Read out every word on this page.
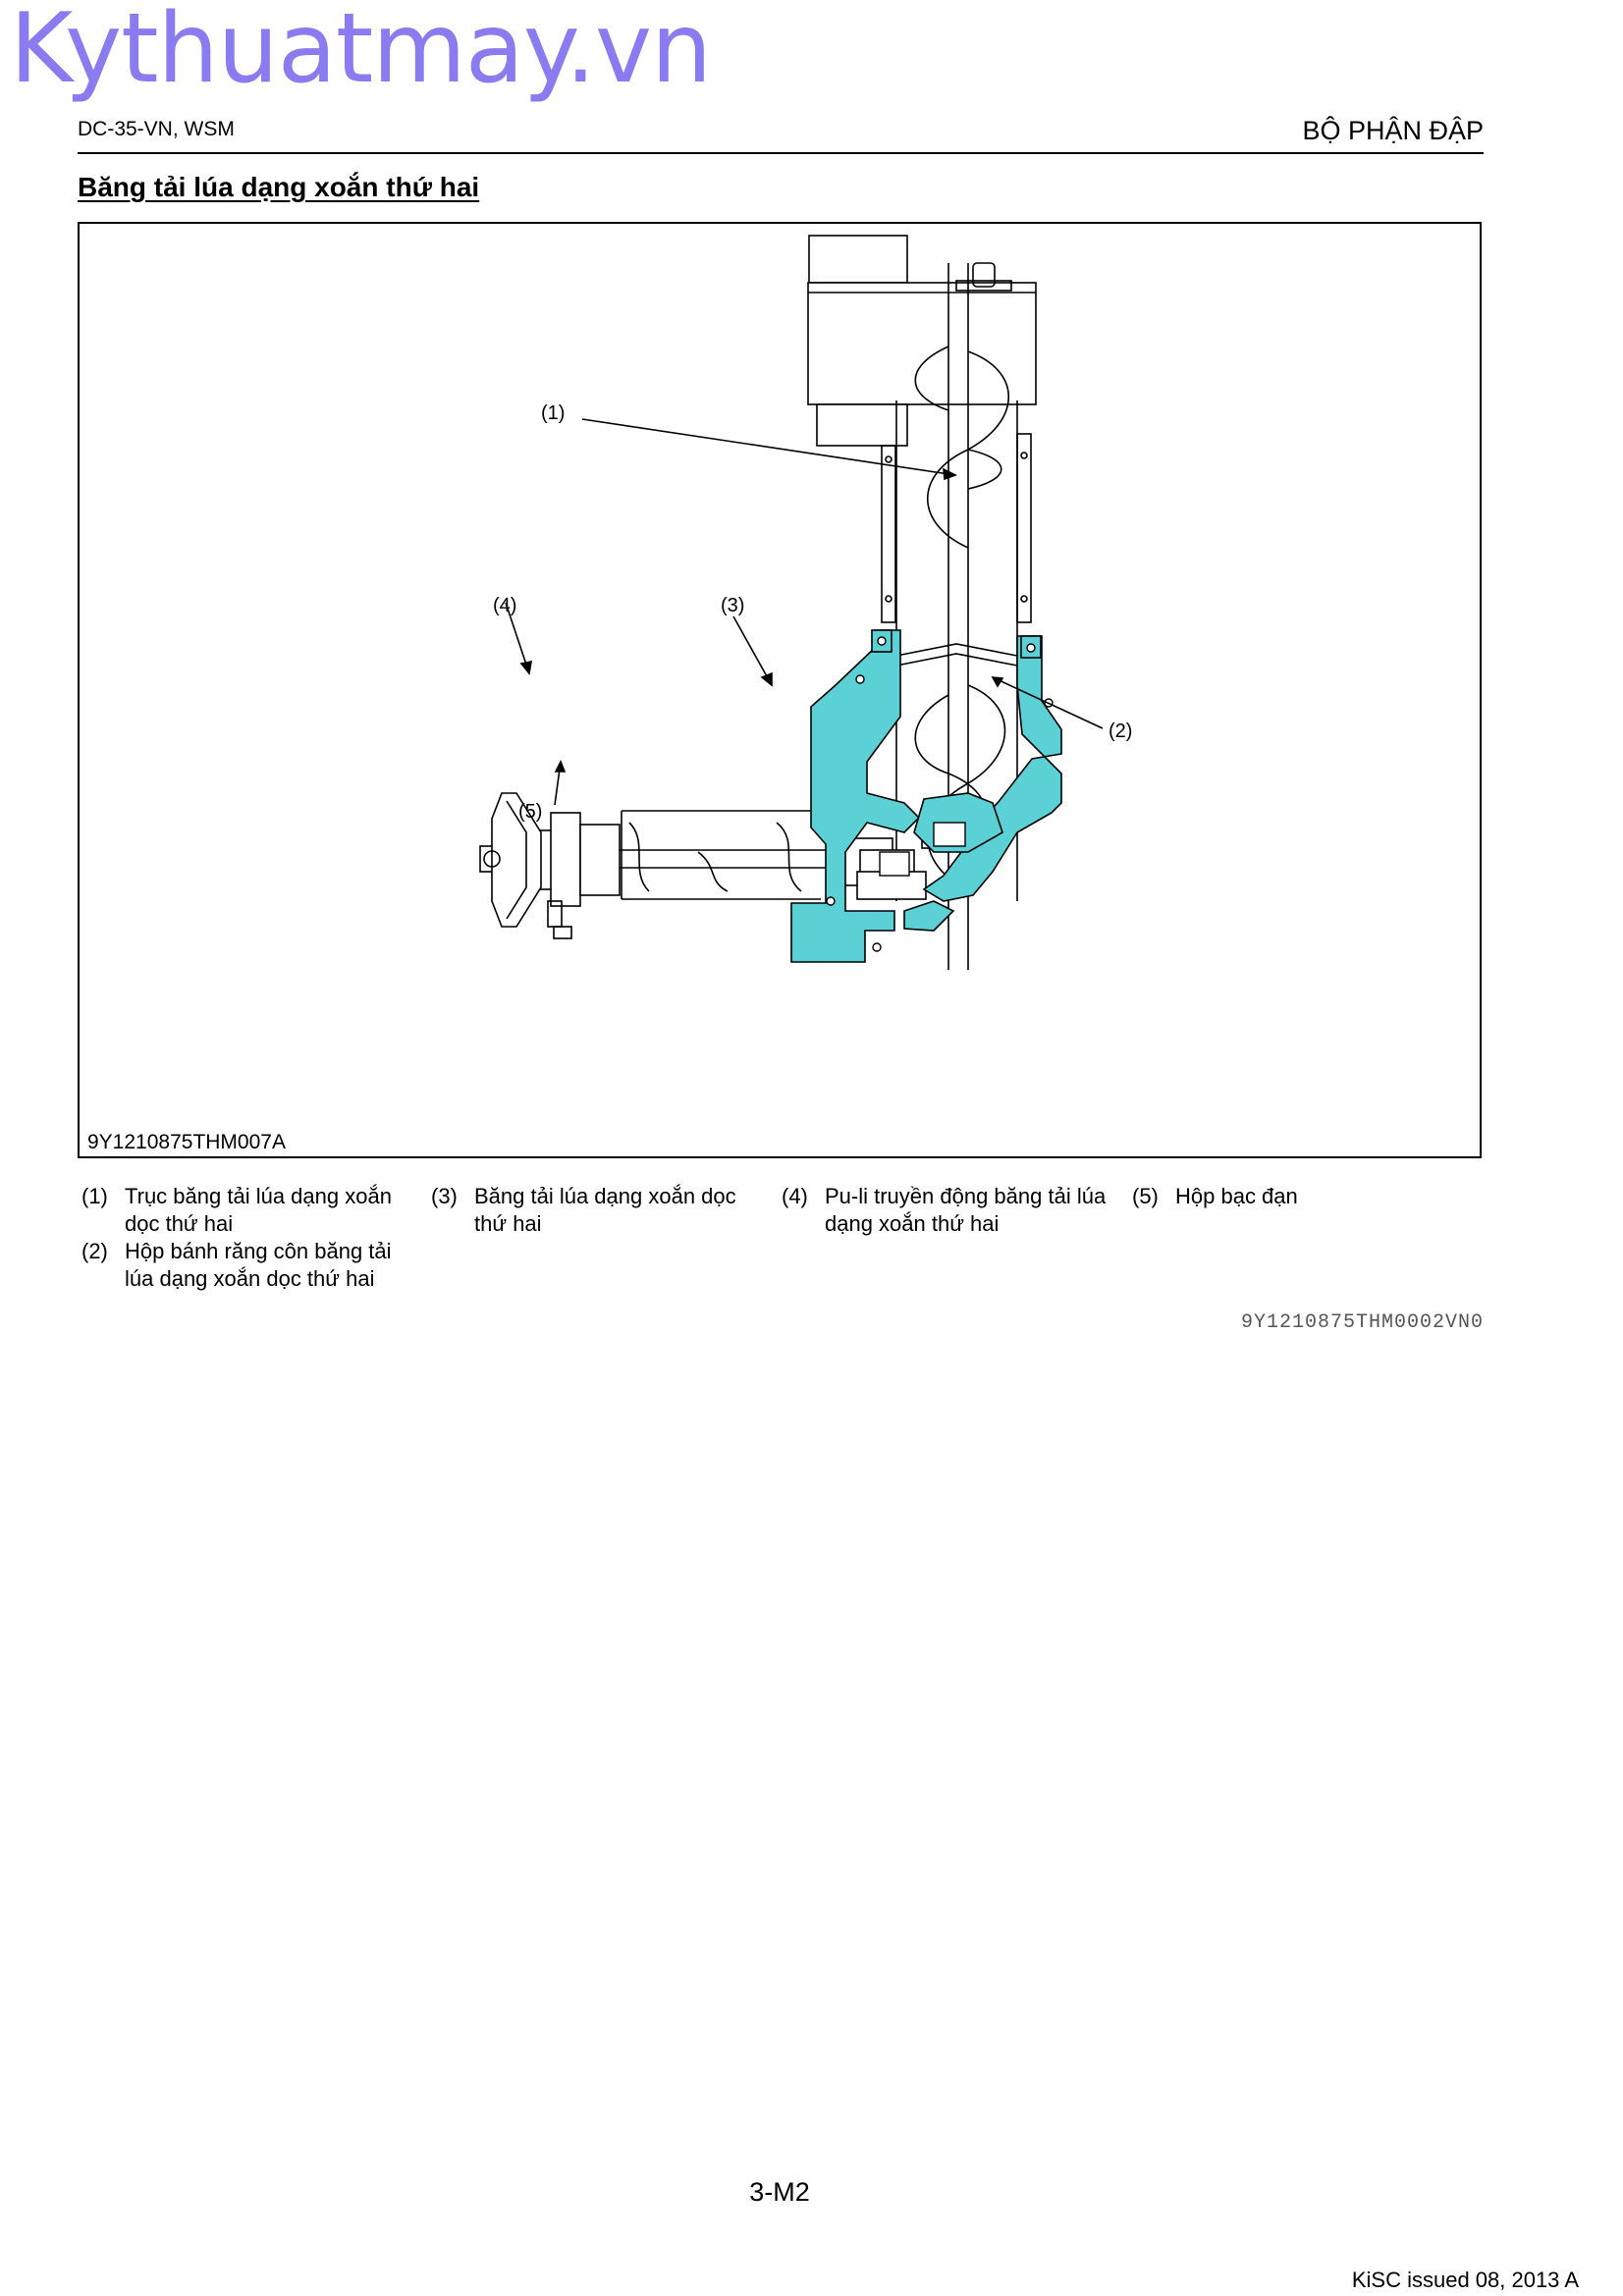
Kythuatmay.vn
DC-35-VN, WSM	BỘ PHẬN ĐẬP
Băng tải lúa dạng xoắn thứ hai
(1)
(2)
(3)
(4)
(5)
9Y1210875THM007A
(1) Trục băng tải lúa dạng xoắn dọc thứ hai
(2) Hộp bánh răng côn băng tải lúa dạng xoắn dọc thứ hai
(3) Băng tải lúa dạng xoắn dọc thứ hai
(4) Pu-li truyền động băng tải lúa dạng xoắn thứ hai
(5) Hộp bạc đạn
9Y1210875THM0002VN0
3-M2
KiSC issued 08, 2013 A
